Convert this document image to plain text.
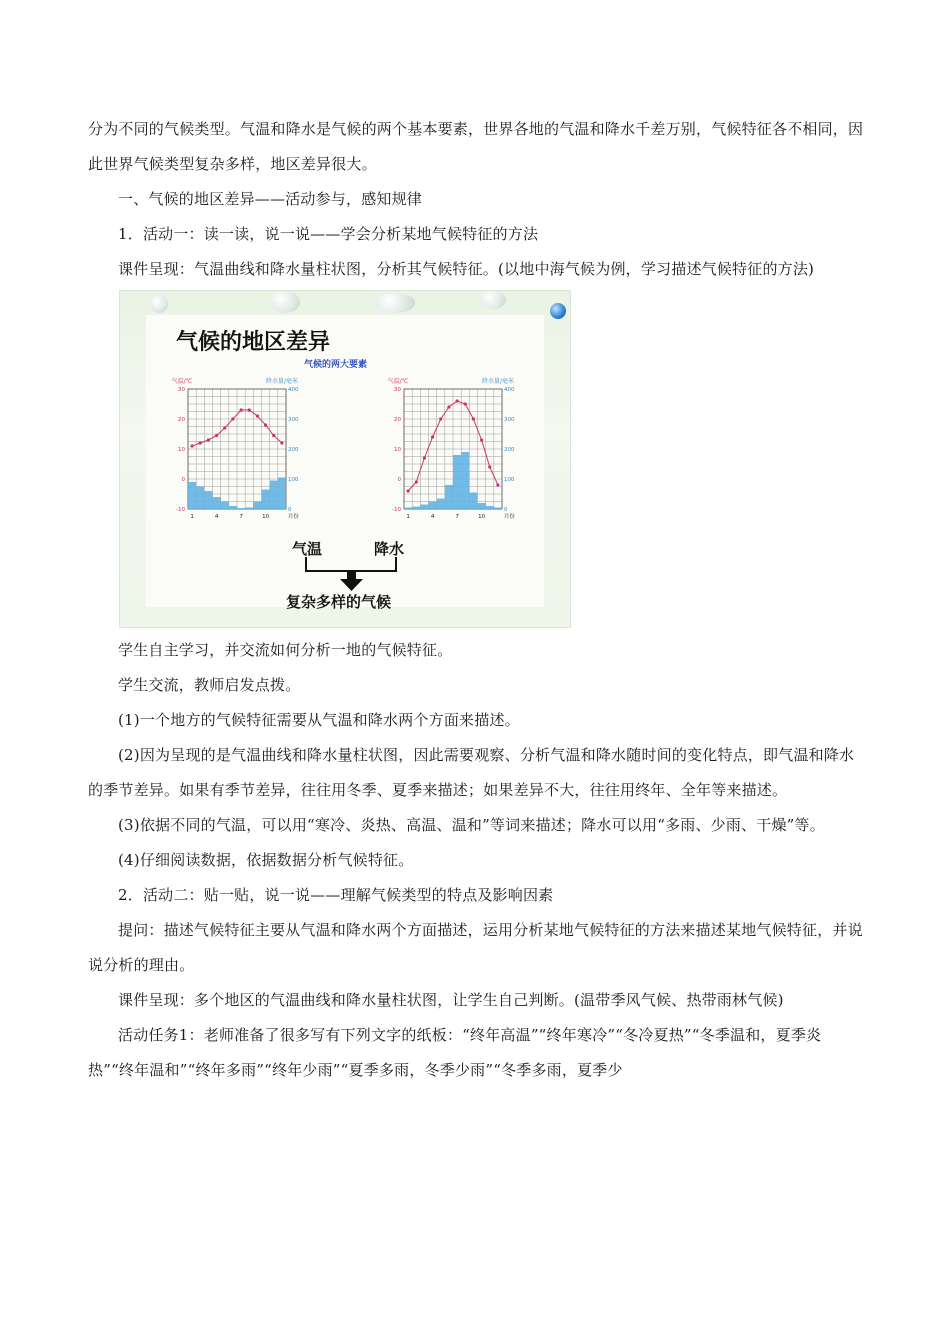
分为不同的气候类型。气温和降水是气候的两个基本要素，世界各地的气温和降水千差万别，气候特征各不相同，因此世界气候类型复杂多样，地区差异很大。

一、气候的地区差异——活动参与，感知规律

1．活动一：读一读，说一说——学会分析某地气候特征的方法

课件呈现：气温曲线和降水量柱状图，分析其气候特征。(以地中海气候为例，学习描述气候特征的方法)

气候的地区差异
气候的两大要素
气温/℃	降水量/毫米
30
20
10
0
-10
400
300
200
100
0
1	4	7	10	月份
气温/℃	降水量/毫米
30
20
10
0
-10
400
300
200
100
0
1	4	7	10	月份
气温	降水
复杂多样的气候

学生自主学习，并交流如何分析一地的气候特征。

学生交流，教师启发点拨。

(1)一个地方的气候特征需要从气温和降水两个方面来描述。

(2)因为呈现的是气温曲线和降水量柱状图，因此需要观察、分析气温和降水随时间的变化特点，即气温和降水的季节差异。如果有季节差异，往往用冬季、夏季来描述；如果差异不大，往往用终年、全年等来描述。

(3)依据不同的气温，可以用“寒冷、炎热、高温、温和”等词来描述；降水可以用“多雨、少雨、干燥”等。

(4)仔细阅读数据，依据数据分析气候特征。

2．活动二：贴一贴，说一说——理解气候类型的特点及影响因素

提问：描述气候特征主要从气温和降水两个方面描述，运用分析某地气候特征的方法来描述某地气候特征，并说说分析的理由。

课件呈现：多个地区的气温曲线和降水量柱状图，让学生自己判断。(温带季风气候、热带雨林气候)

活动任务1：老师准备了很多写有下列文字的纸板：“终年高温”“终年寒冷”“冬冷夏热”“冬季温和，夏季炎热”“终年温和”“终年多雨”“终年少雨”“夏季多雨，冬季少雨”“冬季多雨，夏季少
